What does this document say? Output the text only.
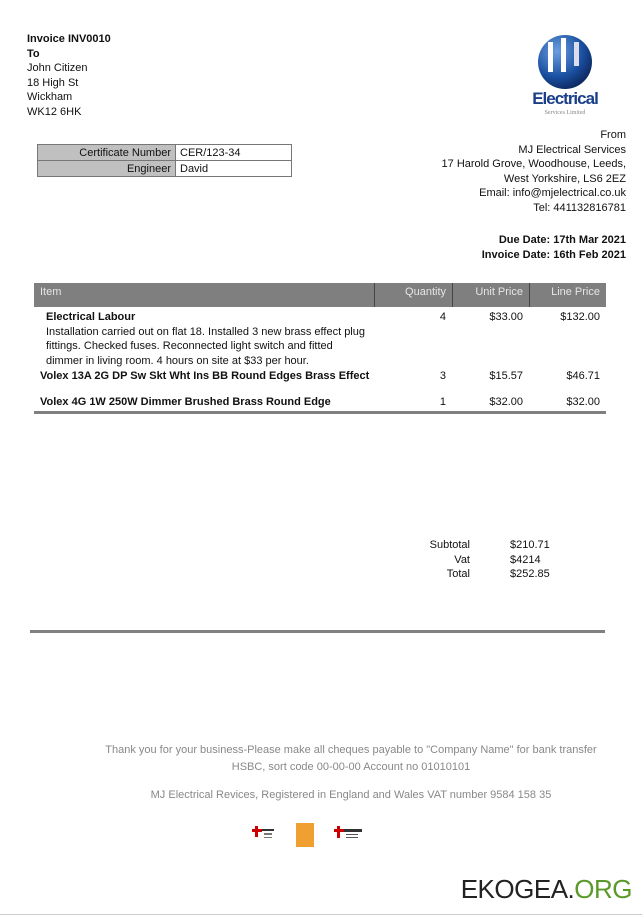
Invoice INV0010
To
John Citizen
18 High St
Wickham
WK12 6HK
Electrical
Services Limited
Certificate Number	CER/123-34
Engineer	David
From
MJ Electrical Services
17 Harold Grove, Woodhouse, Leeds,
West Yorkshire, LS6 2EZ
Email: info@mjelectrical.co.uk
Tel: 441132816781
Due Date: 17th Mar 2021
Invoice Date: 16th Feb 2021
Item	Quantity	Unit Price	Line Price
Electrical Labour
Installation carried out on flat 18. Installed 3 new brass effect plug
fittings. Checked fuses. Reconnected light switch and fitted
dimmer in living room. 4 hours on site at $33 per hour.
4	$33.00	$132.00
Volex 13A 2G DP Sw Skt Wht Ins BB Round Edges Brass Effect	3	$15.57	$46.71
Volex 4G 1W 250W Dimmer Brushed Brass Round Edge	1	$32.00	$32.00
Subtotal	$210.71
Vat	$4214
Total	$252.85
Thank you for your business-Please make all cheques payable to "Company Name" for bank transfer
HSBC, sort code 00-00-00 Account no 01010101
MJ Electrical Revices, Registered in England and Wales VAT number 9584 158 35
EKOGEA.ORG
